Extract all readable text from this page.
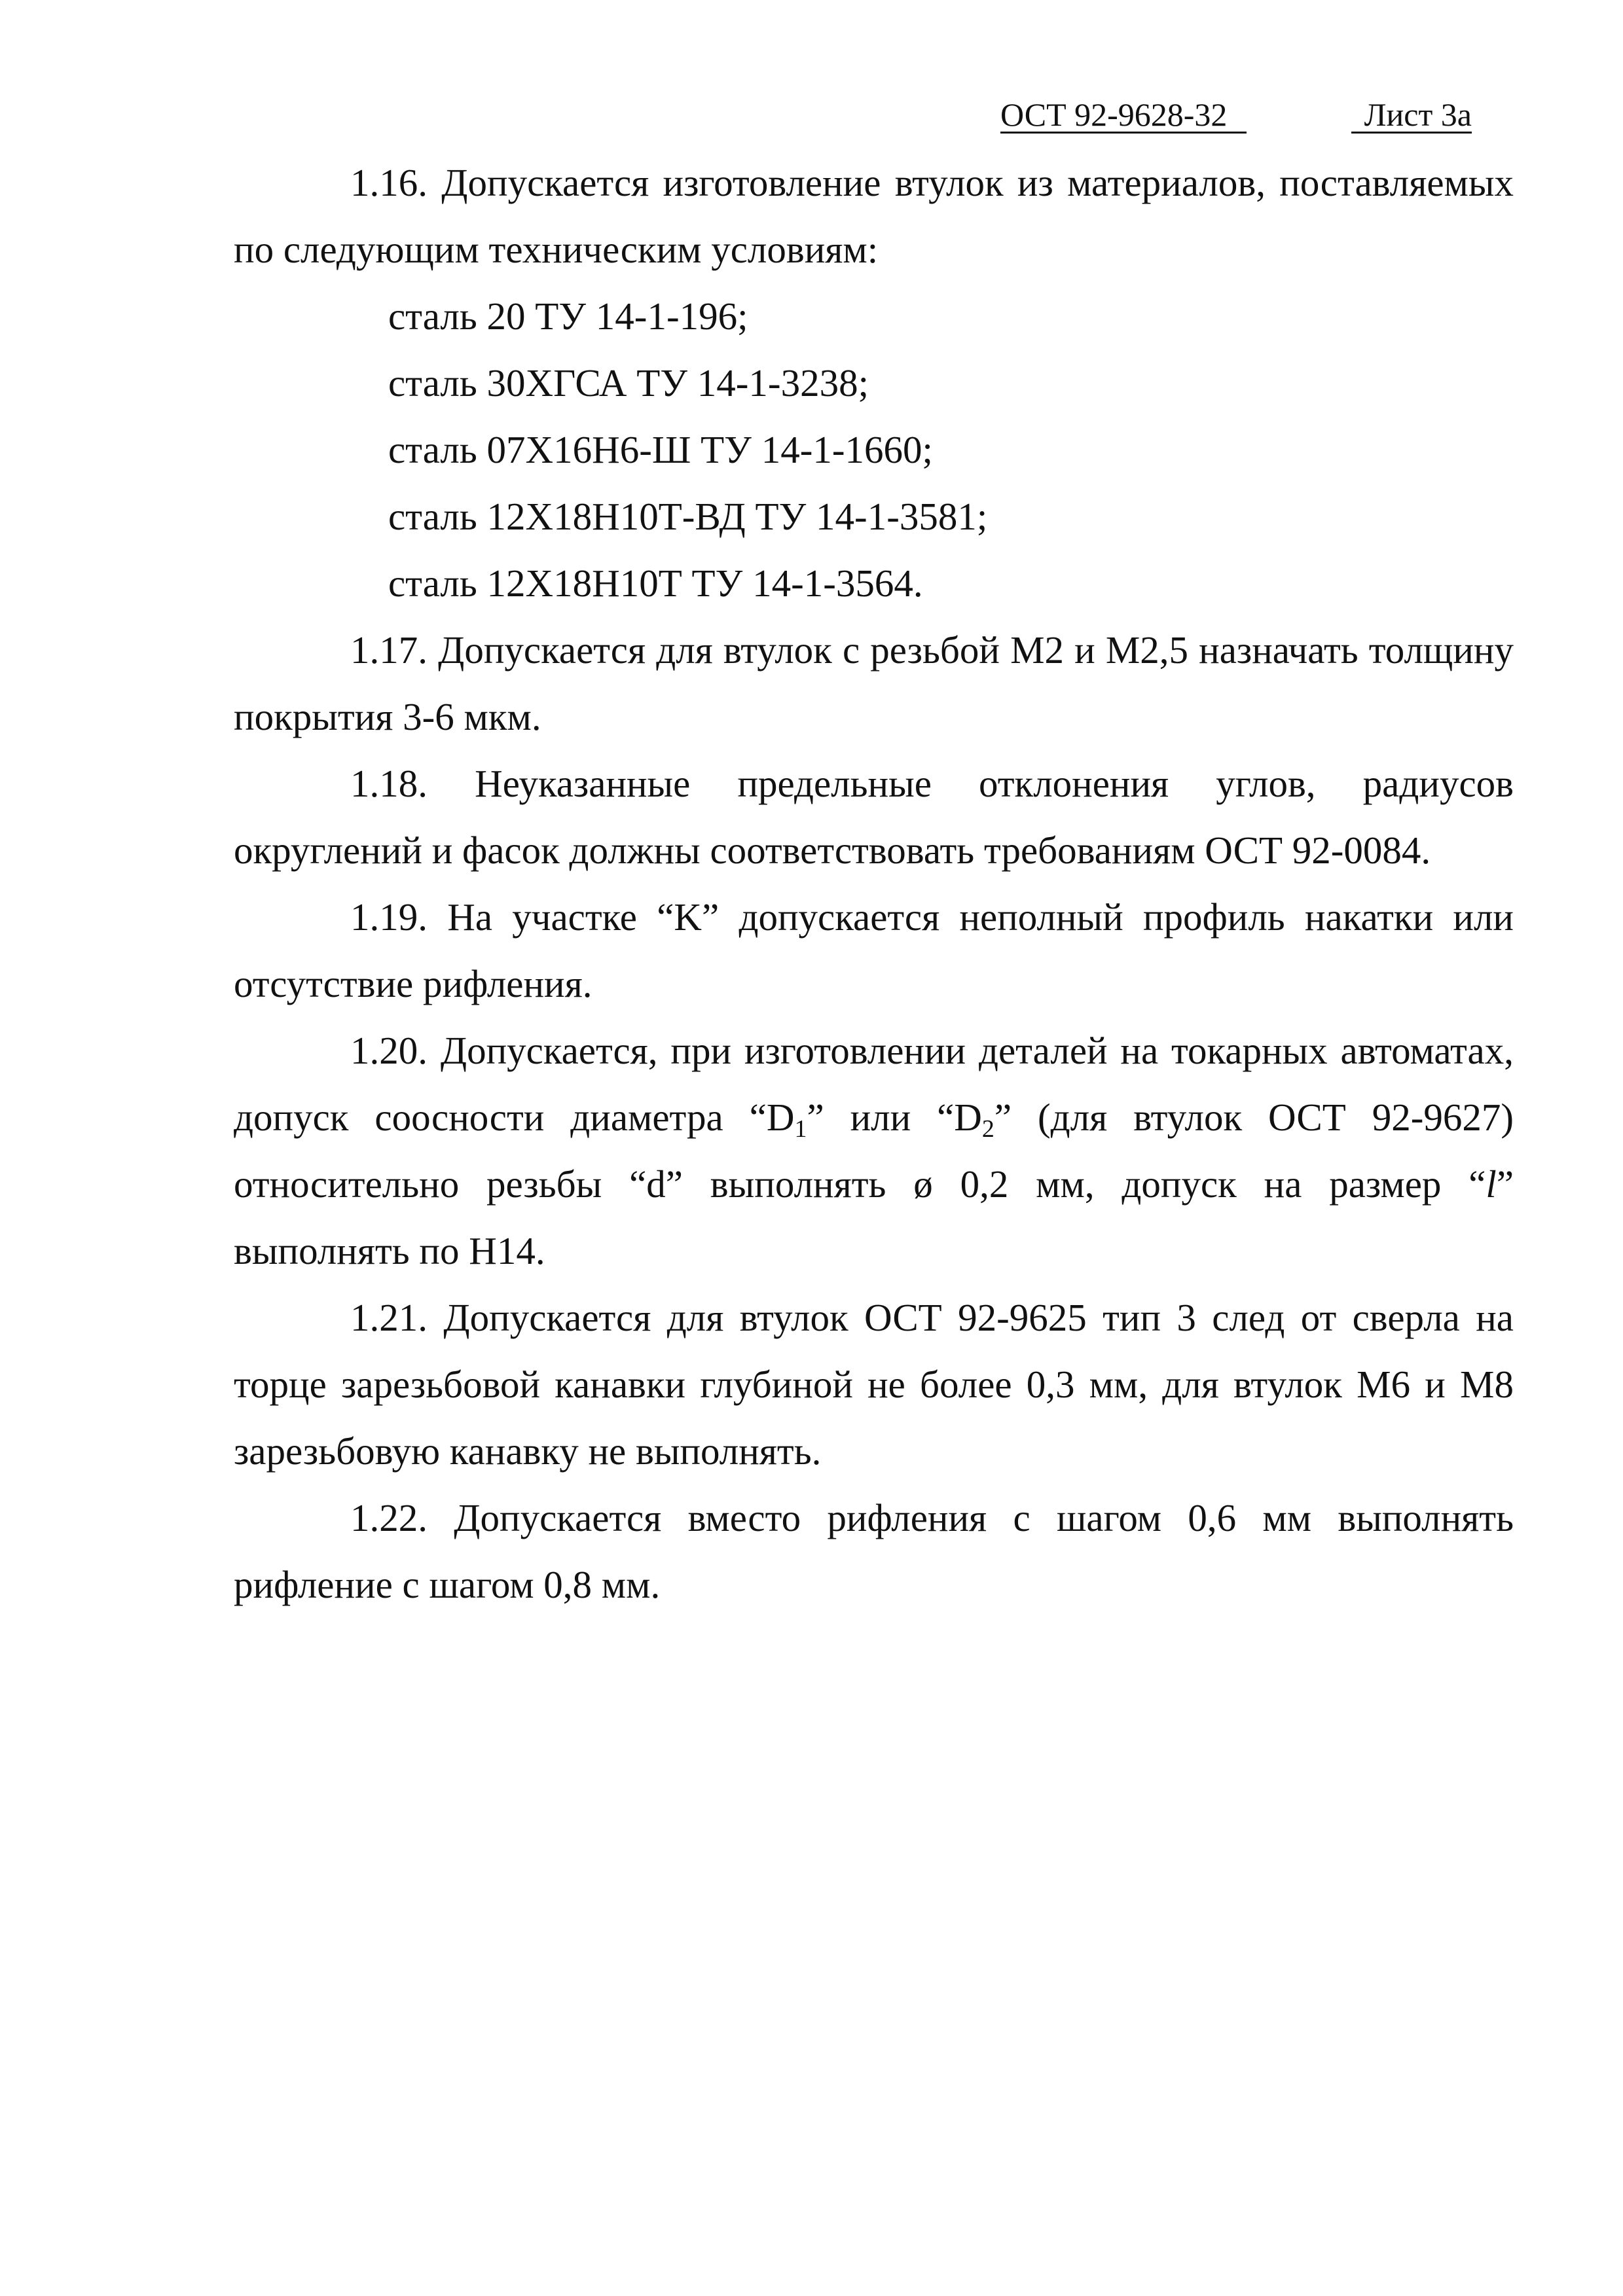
ОСТ 92-9628-32	Лист 3а

1.16. Допускается изготовление втулок из материалов, поставляемых по следующим техническим условиям:

сталь 20 ТУ 14-1-196;

сталь 30ХГСА ТУ 14-1-3238;

сталь 07Х16Н6-Ш ТУ 14-1-1660;

сталь 12Х18Н10Т-ВД ТУ 14-1-3581;

сталь 12Х18Н10Т ТУ 14-1-3564.

1.17. Допускается для втулок с резьбой М2 и М2,5 назначать толщину покрытия 3-6 мкм.

1.18. Неуказанные предельные отклонения углов, радиусов округлений и фасок должны соответствовать требованиям ОСТ 92-0084.

1.19. На участке “K” допускается неполный профиль накатки или отсутствие рифления.

1.20. Допускается, при изготовлении деталей на токарных автоматах, допуск соосности диаметра “$D_1$” или “$D_2$” (для втулок ОСТ 92-9627) относительно резьбы “d” выполнять ø 0,2 мм, допуск на размер “l” выполнять по Н14.

1.21. Допускается для втулок ОСТ 92-9625 тип 3 след от сверла на торце зарезьбовой канавки глубиной не более 0,3 мм, для втулок М6 и М8 зарезьбовую канавку не выполнять.

1.22. Допускается вместо рифления с шагом 0,6 мм выполнять рифление с шагом 0,8 мм.
